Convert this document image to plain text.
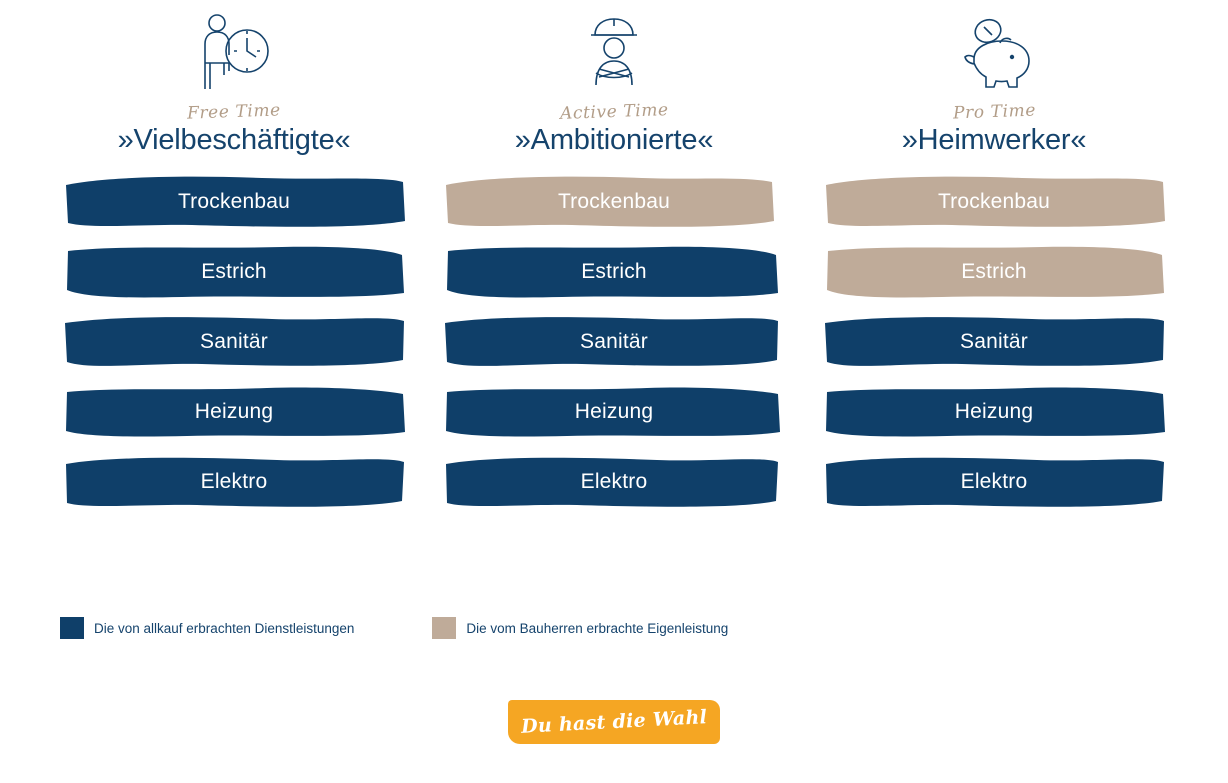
Free Time
»Vielbeschäftigte«
Trockenbau
Estrich
Sanitär
Heizung
Elektro
Active Time
»Ambitionierte«
Trockenbau
Estrich
Sanitär
Heizung
Elektro
Pro Time
»Heimwerker«
Trockenbau
Estrich
Sanitär
Heizung
Elektro
Die von allkauf erbrachten Dienstleistungen	Die vom Bauherren erbrachte Eigenleistung
Du hast die Wahl
